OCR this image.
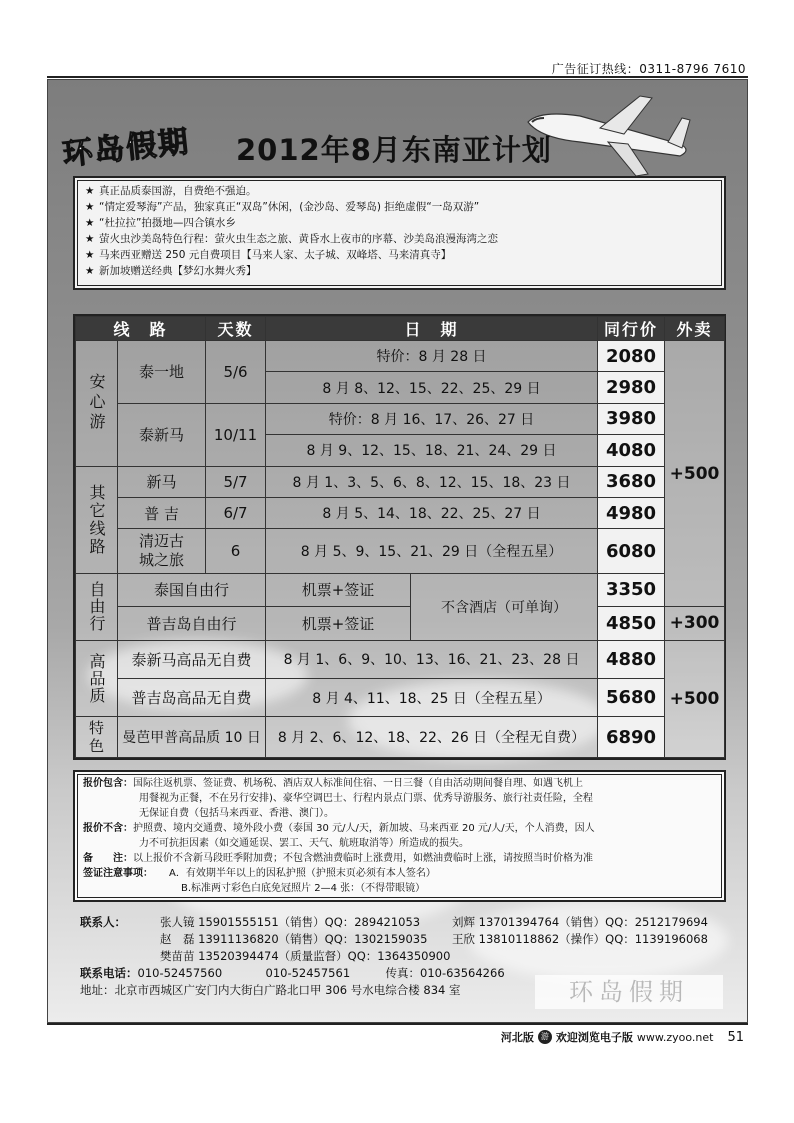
广告征订热线：0311-8796 7610
环岛假期 2012年8月东南亚计划
★ 真正品质泰国游，自费绝不强迫。
★ “情定爱琴海”产品，独家真正“双岛”休闲，(金沙岛、爱琴岛) 拒绝虚假“一岛双游”
★ “杜拉拉”拍摄地—四合镇水乡
★ 萤火虫沙美岛特色行程：萤火虫生态之旅、黄昏水上夜市的序幕、沙美岛浪漫海湾之恋
★ 马来西亚赠送 250 元自费项目【马来人家、太子城、双峰塔、马来清真寺】
★ 新加坡赠送经典【梦幻水舞火秀】
线　路		天数	日　期		同行价	外卖
安心游	泰一地	5/6	特价：8 月 28 日		2080	+500
			8 月 8、12、15、22、25、29 日		2980	
	泰新马	10/11	特价：8 月 16、17、26、27 日		3980	
			8 月 9、12、15、18、21、24、29 日		4080	
其它线路	新马	5/7	8 月 1、3、5、6、8、12、15、18、23 日		3680	
	普 吉	6/7	8 月 5、14、18、22、25、27 日		4980	
	清迈古城之旅	6	8 月 5、9、15、21、29 日（全程五星）		6080	
自由行	泰国自由行		机票+签证	不含酒店（可单询）	3350	
	普吉岛自由行		机票+签证		4850	+300
高品质	泰新马高品无自费		8 月 1、6、9、10、13、16、21、23、28 日		4880	+500
	普吉岛高品无自费		8 月 4、11、18、25 日（全程五星）		5680	
特色	曼芭甲普高品质 10 日		8 月 2、6、12、18、22、26 日（全程无自费）		6890	
报价包含：国际往返机票、签证费、机场税、酒店双人标准间住宿、一日三餐（自由活动期间餐自理、如遇飞机上
用餐视为正餐，不在另行安排)、豪华空调巴士、行程内景点门票、优秀导游服务、旅行社责任险，全程
无保证自费（包括马来西亚、香港、澳门）。
报价不含：护照费、境内交通费、境外段小费（泰国 30 元/人/天，新加坡、马来西亚 20 元/人/天，个人消费，因人
力不可抗拒因素（如交通延误、罢工、天气、航班取消等）所造成的损失。
备　　注：以上报价不含新马段旺季附加费；不包含燃油费临时上涨费用，如燃油费临时上涨，请按照当时价格为准
签证注意事项： A．有效期半年以上的因私护照（护照末页必须有本人签名）
B.标准两寸彩色白底免冠照片 2—4 张：（不得带眼镜）
联系人：	张人镜 15901555151（销售）QQ：289421053	刘辉 13701394764（销售）QQ：2512179694
赵　磊 13911136820（销售）QQ：1302159035 王欣 13810118862（操作）QQ：1139196068
樊苗苗 13520394474（质量监督）QQ：1364350900
联系电话：010-52457560	010-52457561	传真：010-63564266
地址：北京市西城区广安门内大街白广路北口甲 306 号水电综合楼 834 室	环岛假期
河北版 游 欢迎浏览电子版 www.zyoo.net 51
